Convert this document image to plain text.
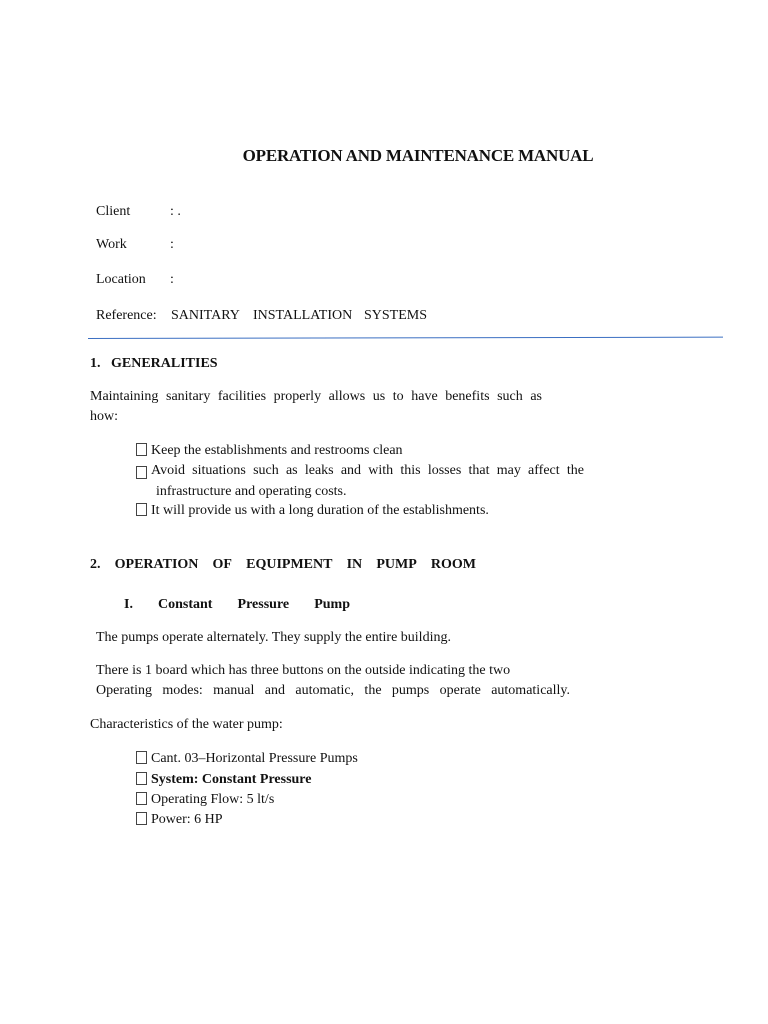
OPERATION AND MAINTENANCE MANUAL
Client	: .
Work	:
Location :
Reference: SANITARY INSTALLATION SYSTEMS
1.   GENERALITIES
Maintaining sanitary facilities properly allows us to have benefits such as
how:
Keep the establishments and restrooms clean
Avoid situations such as leaks and with this losses that may affect the
infrastructure and operating costs.
It will provide us with a long duration of the establishments.
2. OPERATION OF EQUIPMENT IN PUMP ROOM
I. Constant Pressure Pump
The pumps operate alternately. They supply the entire building.
There is 1 board which has three buttons on the outside indicating the two
Operating modes: manual and automatic, the pumps operate automatically.
Characteristics of the water pump:
Cant. 03–Horizontal Pressure Pumps
System: Constant Pressure
Operating Flow: 5 lt/s
Power: 6 HP
